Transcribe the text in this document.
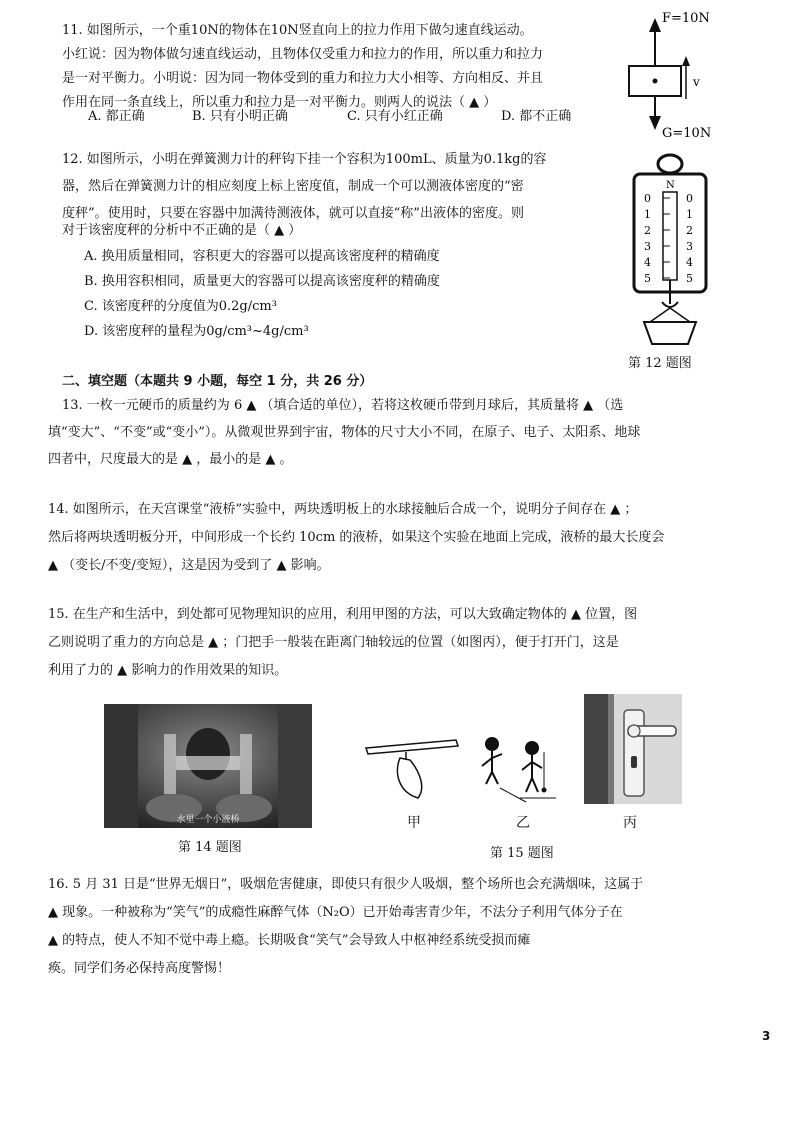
11. 如图所示，一个重10N的物体在10N竖直向上的拉力作用下做匀速直线运动。
小红说：因为物体做匀速直线运动，且物体仅受重力和拉力的作用，所以重力和拉力
是一对平衡力。小明说：因为同一物体受到的重力和拉力大小相等、方向相反、并且
作用在同一条直线上，所以重力和拉力是一对平衡力。则两人的说法（ ▲ ）
A. 都正确	B. 只有小明正确	C. 只有小红正确	D. 都不正确
F=10N
v
G=10N
12. 如图所示，小明在弹簧测力计的秤钩下挂一个容积为100mL、质量为0.1kg的容
器，然后在弹簧测力计的相应刻度上标上密度值，制成一个可以测液体密度的“密
度秤”。使用时，只要在容器中加满待测液体，就可以直接“称”出液体的密度。则
对于该密度秤的分析中不正确的是（ ▲ ）
A. 换用质量相同，容积更大的容器可以提高该密度秤的精确度
B. 换用容积相同，质量更大的容器可以提高该密度秤的精确度
C. 该密度秤的分度值为0.2g/cm³
D. 该密度秤的量程为0g/cm³~4g/cm³
N
0	0
1	1
2	2
3	3
4	4
5	5
第 12 题图
二、填空题（本题共 9 小题，每空 1 分，共 26 分）
13. 一枚一元硬币的质量约为 6 ▲ （填合适的单位），若将这枚硬币带到月球后，其质量将 ▲ （选
填“变大”、“不变”或“变小”）。从微观世界到宇宙，物体的尺寸大小不同，在原子、电子、太阳系、地球
四者中，尺度最大的是 ▲ ，最小的是 ▲ 。
14. 如图所示，在天宫课堂“液桥”实验中，两块透明板上的水球接触后合成一个，说明分子间存在 ▲ ；
然后将两块透明板分开，中间形成一个长约 10cm 的液桥，如果这个实验在地面上完成，液桥的最大长度会
▲ （变长/不变/变短），这是因为受到了 ▲ 影响。
15. 在生产和生活中，到处都可见物理知识的应用，利用甲图的方法，可以大致确定物体的 ▲ 位置，图
乙则说明了重力的方向总是 ▲ ；门把手一般装在距离门轴较远的位置（如图丙），便于打开门，这是
利用了力的 ▲ 影响力的作用效果的知识。
水里一个小液桥
第 14 题图
甲	乙	丙
第 15 题图
16. 5 月 31 日是“世界无烟日”，吸烟危害健康，即使只有很少人吸烟，整个场所也会充满烟味，这属于
▲ 现象。一种被称为“笑气”的成瘾性麻醉气体（N₂O）已开始毒害青少年，不法分子利用气体分子在
▲ 的特点，使人不知不觉中毒上瘾。长期吸食“笑气”会导致人中枢神经系统受损而瘫
痪。同学们务必保持高度警惕！
3
